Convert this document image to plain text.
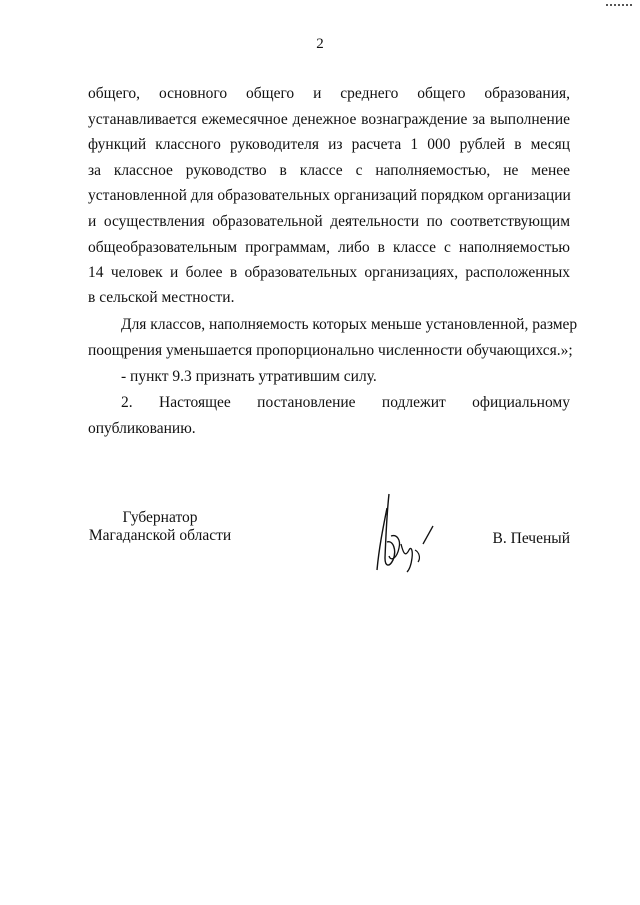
2
общего, основного общего и среднего общего образования,
устанавливается ежемесячное денежное вознаграждение за выполнение
функций классного руководителя из расчета 1 000 рублей в месяц
за классное руководство в классе с наполняемостью, не менее
установленной для образовательных организаций порядком организации
и осуществления образовательной деятельности по соответствующим
общеобразовательным программам, либо в классе с наполняемостью
14 человек и более в образовательных организациях, расположенных
в сельской местности.
Для классов, наполняемость которых меньше установленной, размер
поощрения уменьшается пропорционально численности обучающихся.»;
- пункт 9.3 признать утратившим силу.
2. Настоящее постановление подлежит официальному
опубликованию.
Губернатор
Магаданской области	В. Печеный
